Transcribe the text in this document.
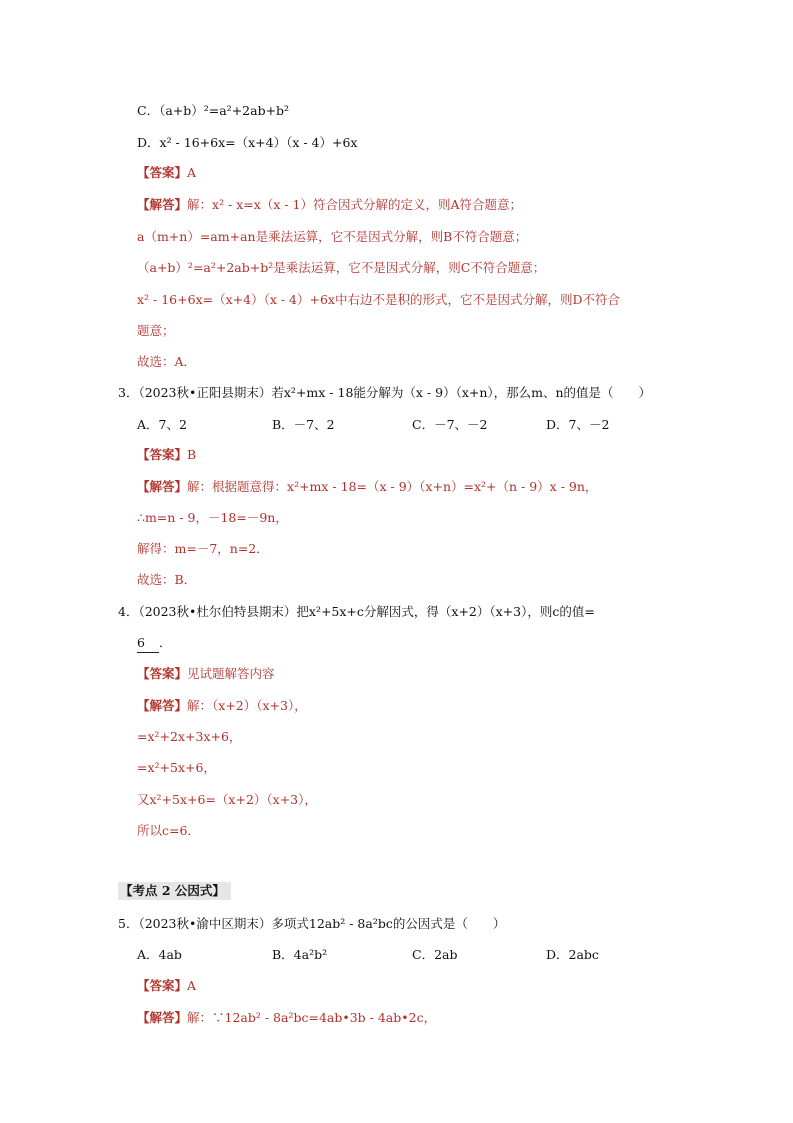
C．（a+b）²=a²+2ab+b²
D．x² - 16+6x=（x+4）（x - 4）+6x
【答案】A
【解答】解：x² - x=x（x - 1）符合因式分解的定义，则A符合题意；
a（m+n）=am+an是乘法运算，它不是因式分解，则B不符合题意；
（a+b）²=a²+2ab+b²是乘法运算，它不是因式分解，则C不符合题意；
x² - 16+6x=（x+4）（x - 4）+6x中右边不是积的形式，它不是因式分解，则D不符合
题意；
故选：A．
3．（2023秋•正阳县期末）若x²+mx - 18能分解为（x - 9）（x+n），那么m、n的值是（　　）
A．7、2	B．－7、2	C．－7、－2	D．7、－2
【答案】B
【解答】解：根据题意得：x²+mx - 18=（x - 9）（x+n）=x²+（n - 9）x - 9n，
∴m=n - 9，－18=－9n，
解得：m=－7，n=2．
故选：B．
4．（2023秋•杜尔伯特县期末）把x²+5x+c分解因式，得（x+2）（x+3），则c的值=
6 ．
【答案】见试题解答内容
【解答】解：（x+2）（x+3），
=x²+2x+3x+6，
=x²+5x+6，
又x²+5x+6=（x+2）（x+3），
所以c=6．
【考点 2 公因式】
5．（2023秋•渝中区期末）多项式12ab² - 8a²bc的公因式是（　　）
A．4ab	B．4a²b²	C．2ab	D．2abc
【答案】A
【解答】解：∵12ab² - 8a²bc=4ab•3b - 4ab•2c，
